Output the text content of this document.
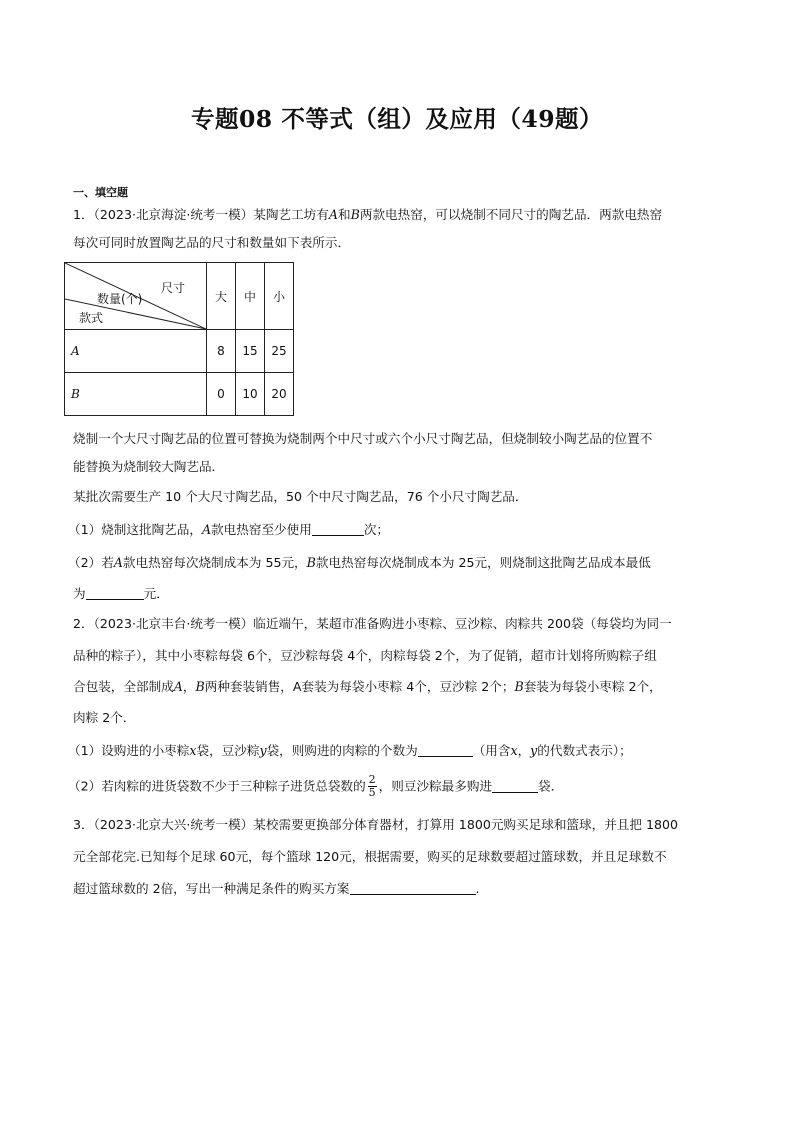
专题08 不等式（组）及应用（49题）
一、填空题
1．（2023·北京海淀·统考一模）某陶艺工坊有A和B两款电热窑，可以烧制不同尺寸的陶艺品．两款电热窑
每次可同时放置陶艺品的尺寸和数量如下表所示．
尺寸
数量(个)
款式	大	中	小
A	8	15	25
B	0	10	20
烧制一个大尺寸陶艺品的位置可替换为烧制两个中尺寸或六个小尺寸陶艺品，但烧制较小陶艺品的位置不
能替换为烧制较大陶艺品．
某批次需要生产 10 个大尺寸陶艺品，50 个中尺寸陶艺品，76 个小尺寸陶艺品．
（1）烧制这批陶艺品，A款电热窑至少使用	次；
（2）若A款电热窑每次烧制成本为 55元，B款电热窑每次烧制成本为 25元，则烧制这批陶艺品成本最低
为	元．
2．（2023·北京丰台·统考一模）临近端午，某超市准备购进小枣粽、豆沙粽、肉粽共 200袋（每袋均为同一
品种的粽子），其中小枣粽每袋 6个，豆沙粽每袋 4个，肉粽每袋 2个，为了促销，超市计划将所购粽子组
合包装，全部制成A，B两种套装销售，A套装为每袋小枣粽 4个，豆沙粽 2个；B套装为每袋小枣粽 2个，
肉粽 2个．
（1）设购进的小枣粽x袋，豆沙粽y袋，则购进的肉粽的个数为	（用含x，y的代数式表示）；
（2）若肉粽的进货袋数不少于三种粽子进货总袋数的 $\frac{2}{5}$ ，则豆沙粽最多购进	袋．
3．（2023·北京大兴·统考一模）某校需要更换部分体育器材，打算用 1800元购买足球和篮球，并且把 1800
元全部花完.已知每个足球 60元，每个篮球 120元，根据需要，购买的足球数要超过篮球数，并且足球数不
超过篮球数的 2倍，写出一种满足条件的购买方案	.
